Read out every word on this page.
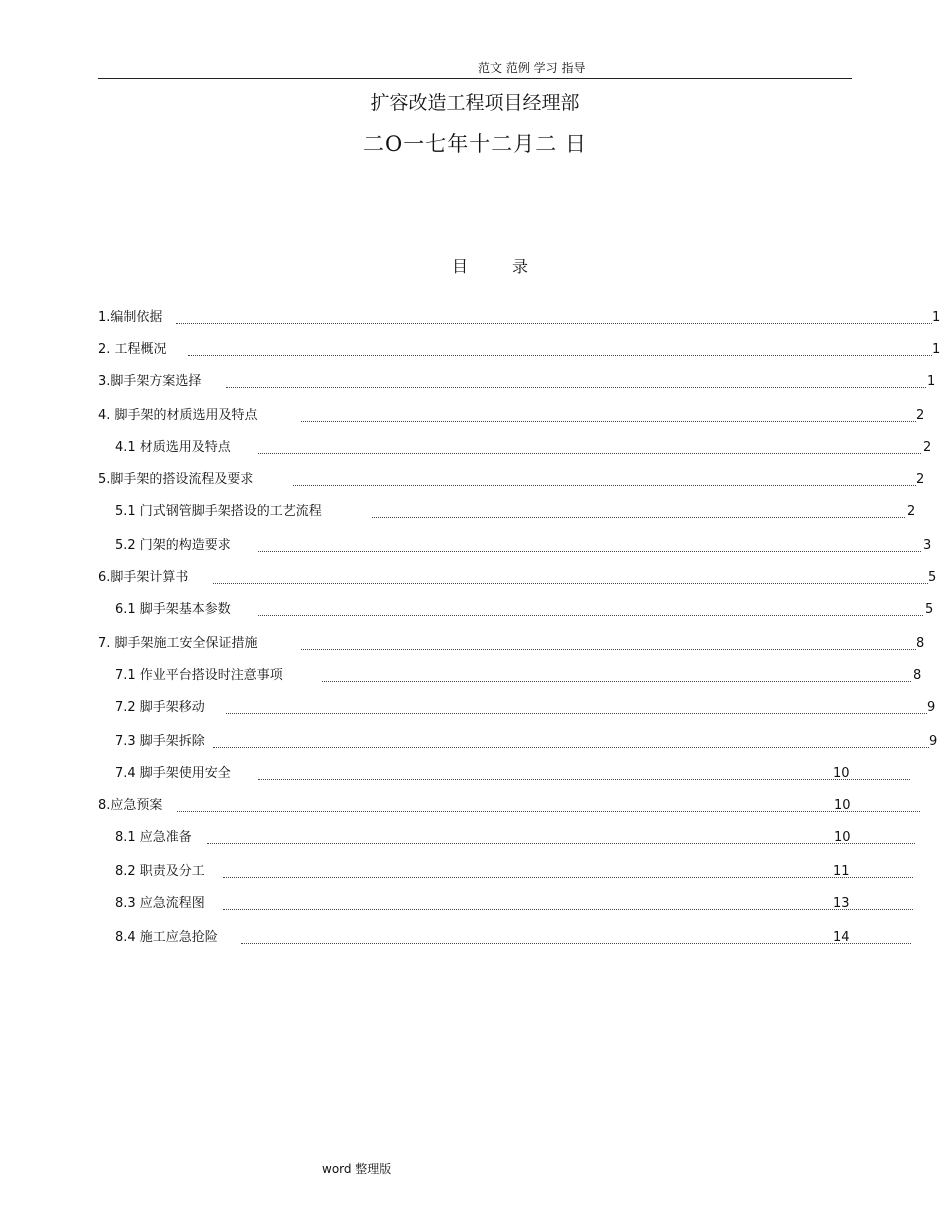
范文 范例 学习 指导
扩容改造工程项目经理部
二O一七年十二月二 日
目录
1.编制依据	1
2. 工程概况	1
3.脚手架方案选择	1
4. 脚手架的材质选用及特点	2
4.1 材质选用及特点	2
5.脚手架的搭设流程及要求	2
5.1 门式钢管脚手架搭设的工艺流程	2
5.2 门架的构造要求	3
6.脚手架计算书	5
6.1 脚手架基本参数	5
7. 脚手架施工安全保证措施	8
7.1 作业平台搭设时注意事项	8
7.2 脚手架移动	9
7.3 脚手架拆除	9
7.4 脚手架使用安全	10
8.应急预案	10
8.1 应急准备	10
8.2 职责及分工	11
8.3 应急流程图	13
8.4 施工应急抢险	14
word 整理版
